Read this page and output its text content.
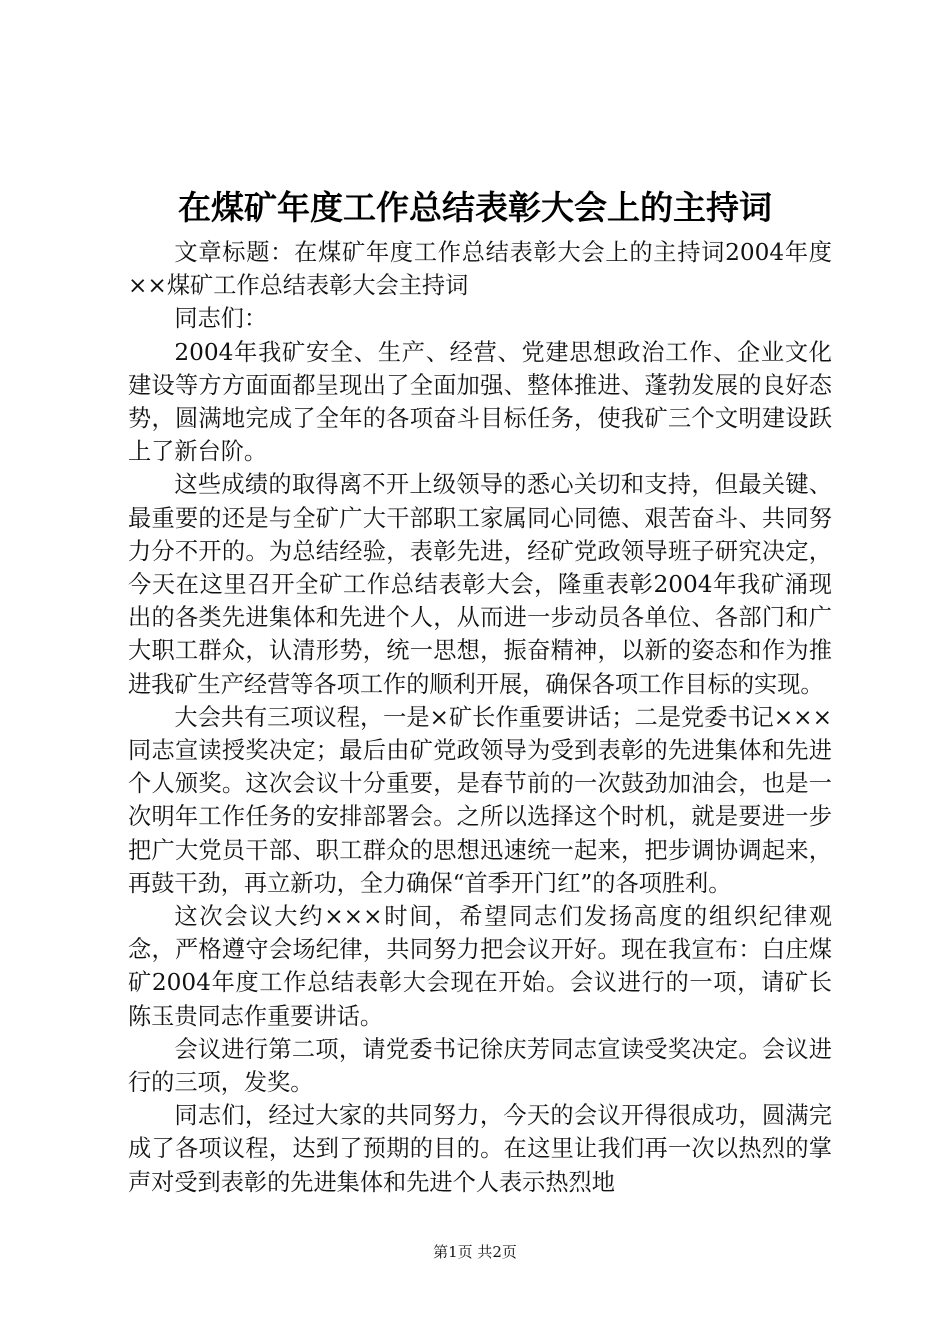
在煤矿年度工作总结表彰大会上的主持词

文章标题：在煤矿年度工作总结表彰大会上的主持词2004年度××煤矿工作总结表彰大会主持词

同志们：

2004年我矿安全、生产、经营、党建思想政治工作、企业文化建设等方方面面都呈现出了全面加强、整体推进、蓬勃发展的良好态势，圆满地完成了全年的各项奋斗目标任务，使我矿三个文明建设跃上了新台阶。

这些成绩的取得离不开上级领导的悉心关切和支持，但最关键、最重要的还是与全矿广大干部职工家属同心同德、艰苦奋斗、共同努力分不开的。为总结经验，表彰先进，经矿党政领导班子研究决定，今天在这里召开全矿工作总结表彰大会，隆重表彰2004年我矿涌现出的各类先进集体和先进个人，从而进一步动员各单位、各部门和广大职工群众，认清形势，统一思想，振奋精神，以新的姿态和作为推进我矿生产经营等各项工作的顺利开展，确保各项工作目标的实现。

大会共有三项议程，一是×矿长作重要讲话；二是党委书记×××同志宣读授奖决定；最后由矿党政领导为受到表彰的先进集体和先进个人颁奖。这次会议十分重要，是春节前的一次鼓劲加油会，也是一次明年工作任务的安排部署会。之所以选择这个时机，就是要进一步把广大党员干部、职工群众的思想迅速统一起来，把步调协调起来，再鼓干劲，再立新功，全力确保“首季开门红”的各项胜利。

这次会议大约×××时间，希望同志们发扬高度的组织纪律观念，严格遵守会场纪律，共同努力把会议开好。现在我宣布：白庄煤矿2004年度工作总结表彰大会现在开始。会议进行的一项，请矿长陈玉贵同志作重要讲话。

会议进行第二项，请党委书记徐庆芳同志宣读受奖决定。会议进行的三项，发奖。

同志们，经过大家的共同努力，今天的会议开得很成功，圆满完成了各项议程，达到了预期的目的。在这里让我们再一次以热烈的掌声对受到表彰的先进集体和先进个人表示热烈地

第1页 共2页
